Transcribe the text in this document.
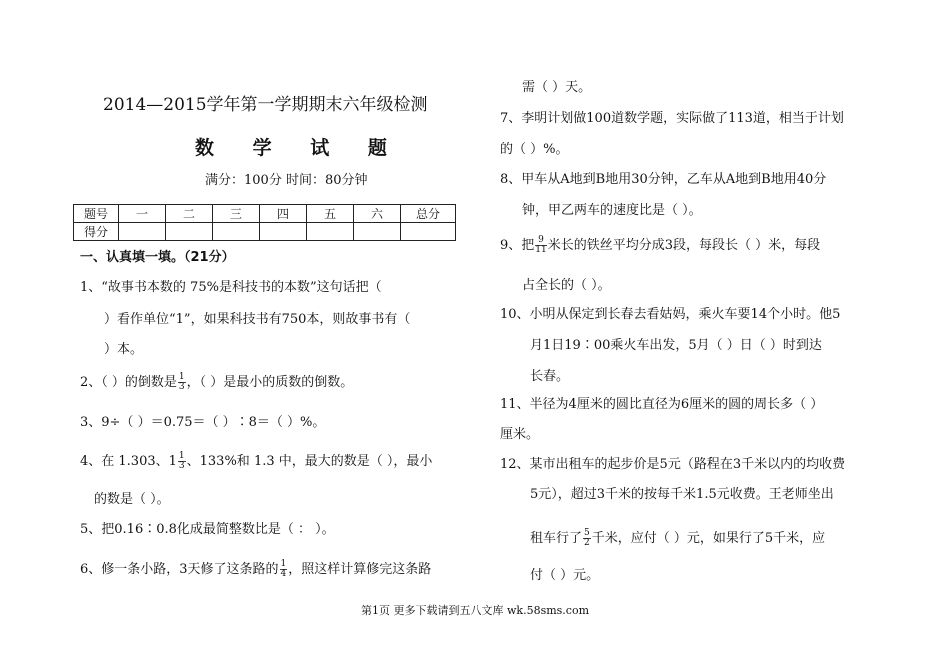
2014—2015学年第一学期期末六年级检测
数 学 试 题
满分：100分 时间：80分钟
题号	一	二	三	四	五	六	总分
得分							
一、认真填一填。（21分）
1、“故事书本数的 75%是科技书的本数”这句话把（
）看作单位“1”，如果科技书有750本，则故事书有（
）本。
2、（ ）的倒数是 $\frac{1}{3}$ ，（ ）是最小的质数的倒数。
3、9÷（ ）＝0.75＝（ ）∶8＝（ ）%。
4、在 1.303、$1 \frac{1}{3}$ 、133%和 1.3 中，最大的数是（ ），最小
的数是（ ）。
5、把0.16∶0.8化成最简整数比是（ ： ）。
6、修一条小路，3天修了这条路的 $\frac{1}{4}$ ，照这样计算修完这条路
需（ ）天。
7、李明计划做100道数学题，实际做了113道，相当于计划
的（ ）%。
8、甲车从A地到B地用30分钟，乙车从A地到B地用40分
钟，甲乙两车的速度比是（ ）。
9、把 $\frac{9}{11}$ 米长的铁丝平均分成3段，每段长（ ）米，每段
占全长的（ ）。
10、小明从保定到长春去看姑妈，乘火车要14个小时。他5
月1日19∶00乘火车出发，5月（ ）日（ ）时到达
长春。
11、半径为4厘米的圆比直径为6厘米的圆的周长多（ ）
厘米。
12、某市出租车的起步价是5元（路程在3千米以内的均收费
5元），超过3千米的按每千米1.5元收费。王老师坐出
租车行了 $\frac{5}{2}$ 千米，应付（ ）元，如果行了5千米，应
付（ ）元。
第1页 更多下载请到五八文库 wk.58sms.com
